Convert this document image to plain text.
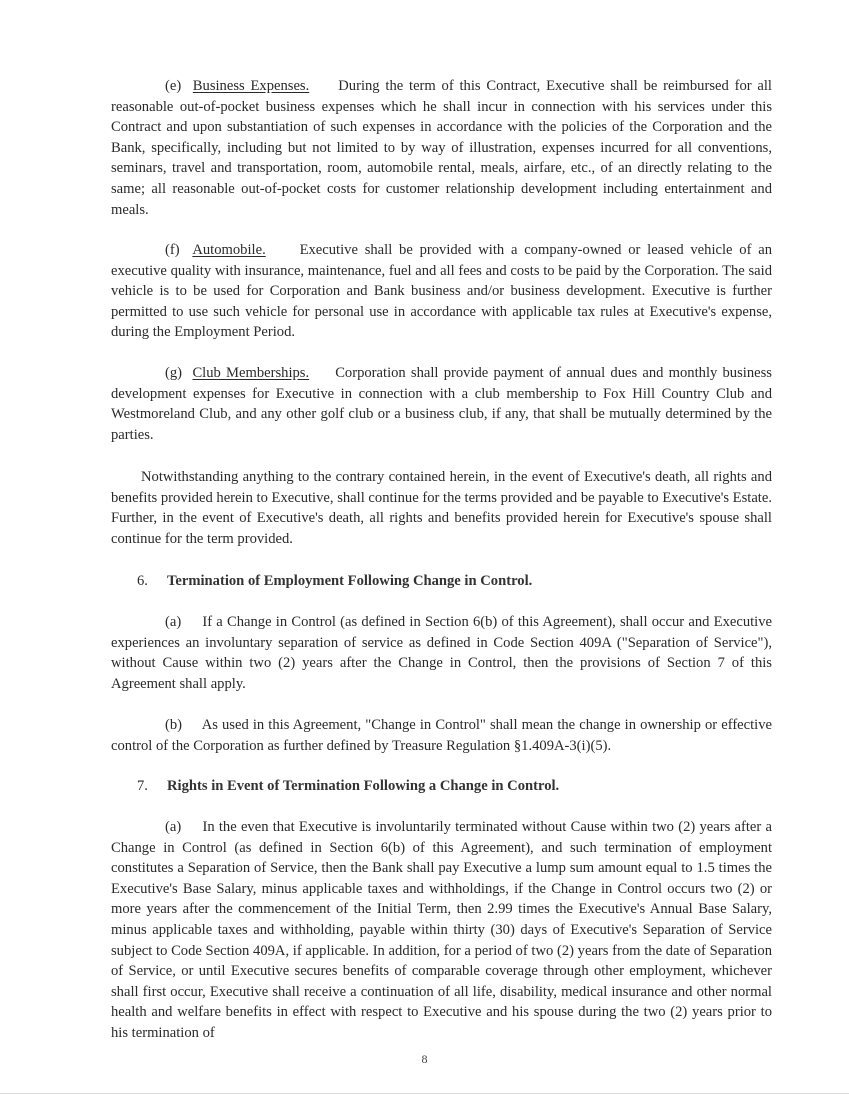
(e) Business Expenses. During the term of this Contract, Executive shall be reimbursed for all reasonable out-of-pocket business expenses which he shall incur in connection with his services under this Contract and upon substantiation of such expenses in accordance with the policies of the Corporation and the Bank, specifically, including but not limited to by way of illustration, expenses incurred for all conventions, seminars, travel and transportation, room, automobile rental, meals, airfare, etc., of an directly relating to the same; all reasonable out-of-pocket costs for customer relationship development including entertainment and meals.

(f) Automobile. Executive shall be provided with a company-owned or leased vehicle of an executive quality with insurance, maintenance, fuel and all fees and costs to be paid by the Corporation. The said vehicle is to be used for Corporation and Bank business and/or business development. Executive is further permitted to use such vehicle for personal use in accordance with applicable tax rules at Executive's expense, during the Employment Period.

(g) Club Memberships. Corporation shall provide payment of annual dues and monthly business development expenses for Executive in connection with a club membership to Fox Hill Country Club and Westmoreland Club, and any other golf club or a business club, if any, that shall be mutually determined by the parties.

Notwithstanding anything to the contrary contained herein, in the event of Executive's death, all rights and benefits provided herein to Executive, shall continue for the terms provided and be payable to Executive's Estate. Further, in the event of Executive's death, all rights and benefits provided herein for Executive's spouse shall continue for the term provided.

6. Termination of Employment Following Change in Control.

(a) If a Change in Control (as defined in Section 6(b) of this Agreement), shall occur and Executive experiences an involuntary separation of service as defined in Code Section 409A ("Separation of Service"), without Cause within two (2) years after the Change in Control, then the provisions of Section 7 of this Agreement shall apply.

(b) As used in this Agreement, "Change in Control" shall mean the change in ownership or effective control of the Corporation as further defined by Treasure Regulation §1.409A-3(i)(5).

7. Rights in Event of Termination Following a Change in Control.

(a) In the even that Executive is involuntarily terminated without Cause within two (2) years after a Change in Control (as defined in Section 6(b) of this Agreement), and such termination of employment constitutes a Separation of Service, then the Bank shall pay Executive a lump sum amount equal to 1.5 times the Executive's Base Salary, minus applicable taxes and withholdings, if the Change in Control occurs two (2) or more years after the commencement of the Initial Term, then 2.99 times the Executive's Annual Base Salary, minus applicable taxes and withholding, payable within thirty (30) days of Executive's Separation of Service subject to Code Section 409A, if applicable. In addition, for a period of two (2) years from the date of Separation of Service, or until Executive secures benefits of comparable coverage through other employment, whichever shall first occur, Executive shall receive a continuation of all life, disability, medical insurance and other normal health and welfare benefits in effect with respect to Executive and his spouse during the two (2) years prior to his termination of

8
